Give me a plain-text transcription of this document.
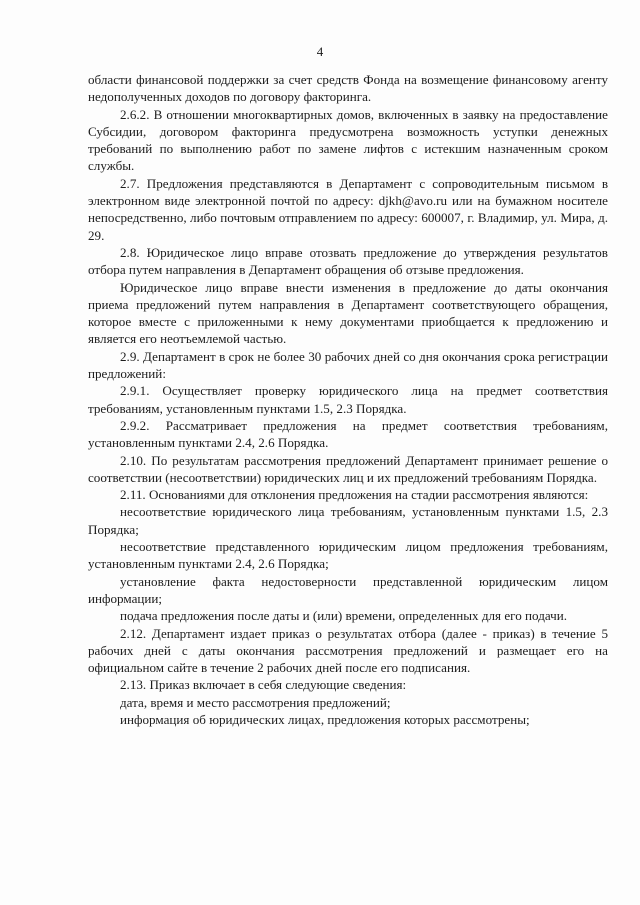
4

области финансовой поддержки за счет средств Фонда на возмещение финансовому агенту недополученных доходов по договору факторинга.

2.6.2. В отношении многоквартирных домов, включенных в заявку на предоставление Субсидии, договором факторинга предусмотрена возможность уступки денежных требований по выполнению работ по замене лифтов с истекшим назначенным сроком службы.

2.7. Предложения представляются в Департамент с сопроводительным письмом в электронном виде электронной почтой по адресу: djkh@avo.ru или на бумажном носителе непосредственно, либо почтовым отправлением по адресу: 600007, г. Владимир, ул. Мира, д. 29.

2.8. Юридическое лицо вправе отозвать предложение до утверждения результатов отбора путем направления в Департамент обращения об отзыве предложения.

Юридическое лицо вправе внести изменения в предложение до даты окончания приема предложений путем направления в Департамент соответствующего обращения, которое вместе с приложенными к нему документами приобщается к предложению и является его неотъемлемой частью.

2.9. Департамент в срок не более 30 рабочих дней со дня окончания срока регистрации предложений:

2.9.1. Осуществляет проверку юридического лица на предмет соответствия требованиям, установленным пунктами 1.5, 2.3 Порядка.

2.9.2. Рассматривает предложения на предмет соответствия требованиям, установленным пунктами 2.4, 2.6 Порядка.

2.10. По результатам рассмотрения предложений Департамент принимает решение о соответствии (несоответствии) юридических лиц и их предложений требованиям Порядка.

2.11. Основаниями для отклонения предложения на стадии рассмотрения являются:

несоответствие юридического лица требованиям, установленным пунктами 1.5, 2.3 Порядка;

несоответствие представленного юридическим лицом предложения требованиям, установленным пунктами 2.4, 2.6 Порядка;

установление факта недостоверности представленной юридическим лицом информации;

подача предложения после даты и (или) времени, определенных для его подачи.

2.12. Департамент издает приказ о результатах отбора (далее - приказ) в течение 5 рабочих дней с даты окончания рассмотрения предложений и размещает его на официальном сайте в течение 2 рабочих дней после его подписания.

2.13. Приказ включает в себя следующие сведения:

дата, время и место рассмотрения предложений;

информация об юридических лицах, предложения которых рассмотрены;
